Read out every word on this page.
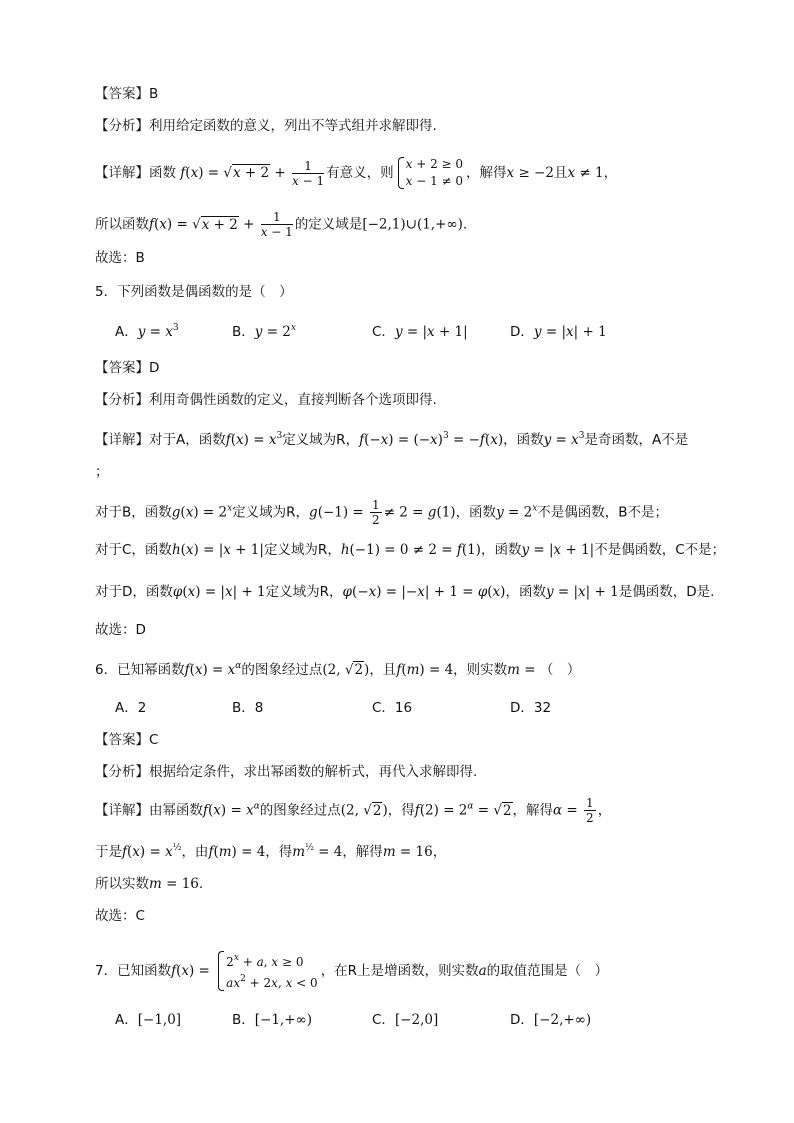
【答案】B
【分析】利用给定函数的意义，列出不等式组并求解即得.
【详解】函数 $f(x) = √x + 2 + \frac{1}{x - 1}$ 有意义，则
x + 2 ≥ 0
x − 1 ≠ 0 ，解得x ≥ −2且x ≠ 1，
所以函数$f(x) = √x + 2 + \frac{1}{x - 1}$ 的定义域是[−2,1)∪(1,+∞).
故选：B
5．下列函数是偶函数的是（　）
A．$y = x^3$	B．$y = 2^x$	C．y = |x + 1|	D．y = |x| + 1
【答案】D
【分析】利用奇偶性函数的定义，直接判断各个选项即得.
【详解】对于A，函数$f(x) = x^3$定义域为R，$f(-x) = (-x)^3 = -f(x)$，函数$y = x^3$是奇函数，A不是
；
对于B，函数$g(x) = 2^x$定义域为R，$g(-1) = \frac{1}{2} \ne 2 = g(1)$，函数$y = 2^x$不是偶函数，B不是；
对于C，函数h(x) = |x + 1|定义域为R，h(−1) = 0 ≠ 2 = f(1)，函数y = |x + 1|不是偶函数，C不是；
对于D，函数φ(x) = |x| + 1定义域为R，φ(−x) = |−x| + 1 = φ(x)，函数y = |x| + 1是偶函数，D是.
故选：D
6．已知幂函数$f(x) = x^\alpha$的图象经过点(2, √2)，且f(m) = 4，则实数m = （　）
A．2	B．8	C．16	D．32
【答案】C
【分析】根据给定条件，求出幂函数的解析式，再代入求解即得.
【详解】由幂函数$f(x) = x^\alpha$的图象经过点(2, √2)，得$f(2) = 2^\alpha = √2$，解得$\alpha = \frac{1}{2}$ ，
于是$f(x) = x^{\frac{1}{2}}$，由f(m) = 4，得$m^{\frac{1}{2}} = 4$，解得m = 16，
所以实数m = 16.
故选：C
7．已知函数f(x) =
$2^x + a$, x ≥ 0
$ax^2 + 2x$, x < 0
，在R上是增函数，则实数a的取值范围是（　）
A．[−1,0]	B．[−1,+∞)	C．[−2,0]	D．[−2,+∞)
